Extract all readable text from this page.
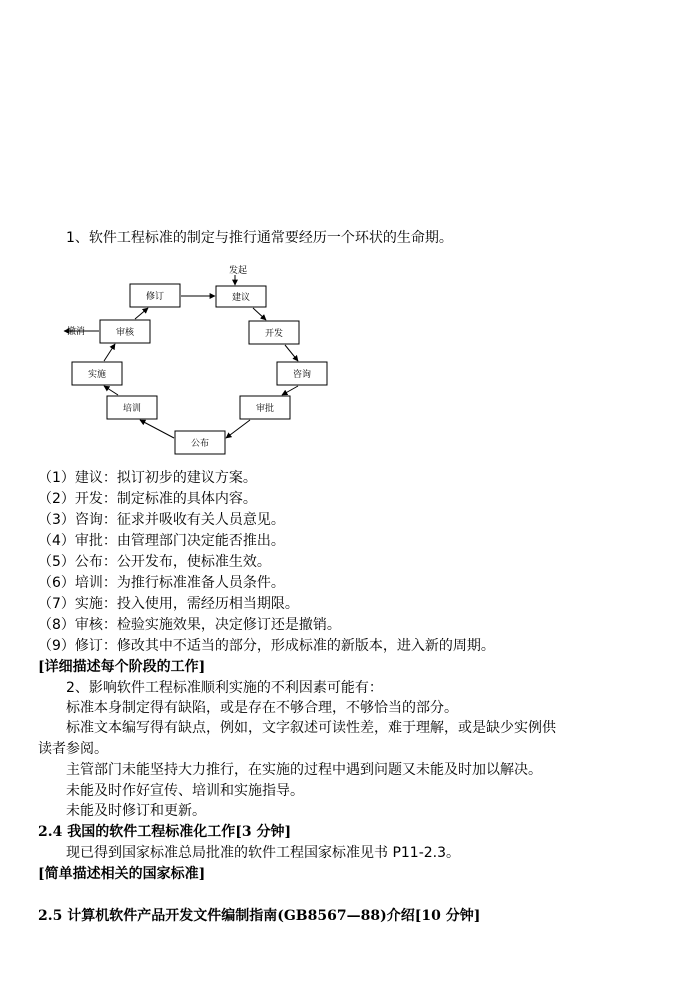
1、软件工程标准的制定与推行通常要经历一个环状的生命期。
发起
修订	建议
审核	开发
实施	咨询
培训	审批
公布
撤消
（1）建议：拟订初步的建议方案。
（2）开发：制定标准的具体内容。
（3）咨询：征求并吸收有关人员意见。
（4）审批：由管理部门决定能否推出。
（5）公布：公开发布，使标准生效。
（6）培训：为推行标准准备人员条件。
（7）实施：投入使用，需经历相当期限。
（8）审核：检验实施效果，决定修订还是撤销。
（9）修订：修改其中不适当的部分，形成标准的新版本，进入新的周期。
[详细描述每个阶段的工作]
2、影响软件工程标准顺利实施的不利因素可能有：
标准本身制定得有缺陷，或是存在不够合理，不够恰当的部分。
标准文本编写得有缺点，例如，文字叙述可读性差，难于理解，或是缺少实例供
读者参阅。
主管部门未能坚持大力推行，在实施的过程中遇到问题又未能及时加以解决。
未能及时作好宣传、培训和实施指导。
未能及时修订和更新。
2.4 我国的软件工程标准化工作[3 分钟]
现已得到国家标准总局批准的软件工程国家标准见书 P11-2.3。
[简单描述相关的国家标准]
2.5 计算机软件产品开发文件编制指南(GB8567—88)介绍[10 分钟]
